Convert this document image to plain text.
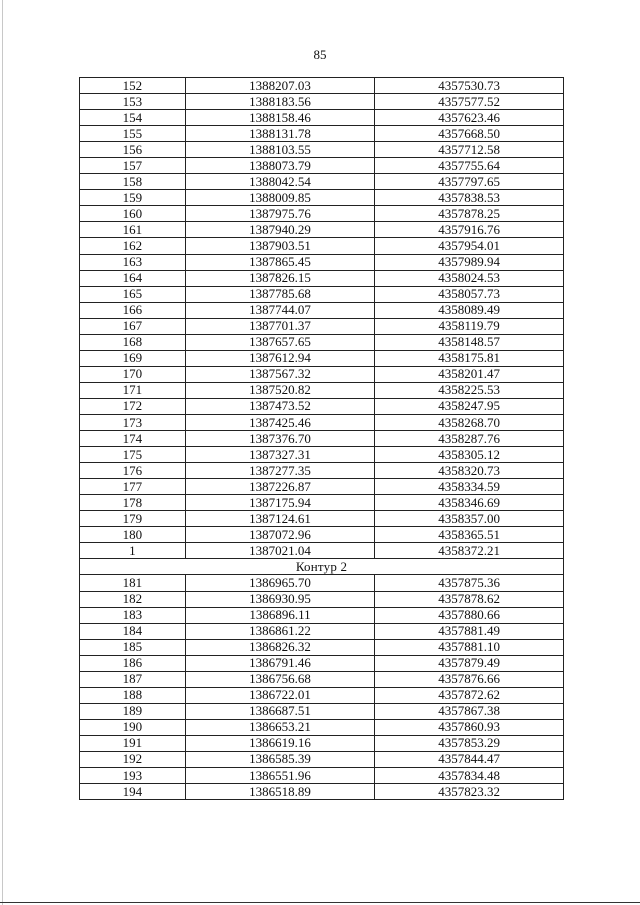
85
152	1388207.03	4357530.73
153	1388183.56	4357577.52
154	1388158.46	4357623.46
155	1388131.78	4357668.50
156	1388103.55	4357712.58
157	1388073.79	4357755.64
158	1388042.54	4357797.65
159	1388009.85	4357838.53
160	1387975.76	4357878.25
161	1387940.29	4357916.76
162	1387903.51	4357954.01
163	1387865.45	4357989.94
164	1387826.15	4358024.53
165	1387785.68	4358057.73
166	1387744.07	4358089.49
167	1387701.37	4358119.79
168	1387657.65	4358148.57
169	1387612.94	4358175.81
170	1387567.32	4358201.47
171	1387520.82	4358225.53
172	1387473.52	4358247.95
173	1387425.46	4358268.70
174	1387376.70	4358287.76
175	1387327.31	4358305.12
176	1387277.35	4358320.73
177	1387226.87	4358334.59
178	1387175.94	4358346.69
179	1387124.61	4358357.00
180	1387072.96	4358365.51
1	1387021.04	4358372.21
Контур 2		
181	1386965.70	4357875.36
182	1386930.95	4357878.62
183	1386896.11	4357880.66
184	1386861.22	4357881.49
185	1386826.32	4357881.10
186	1386791.46	4357879.49
187	1386756.68	4357876.66
188	1386722.01	4357872.62
189	1386687.51	4357867.38
190	1386653.21	4357860.93
191	1386619.16	4357853.29
192	1386585.39	4357844.47
193	1386551.96	4357834.48
194	1386518.89	4357823.32
